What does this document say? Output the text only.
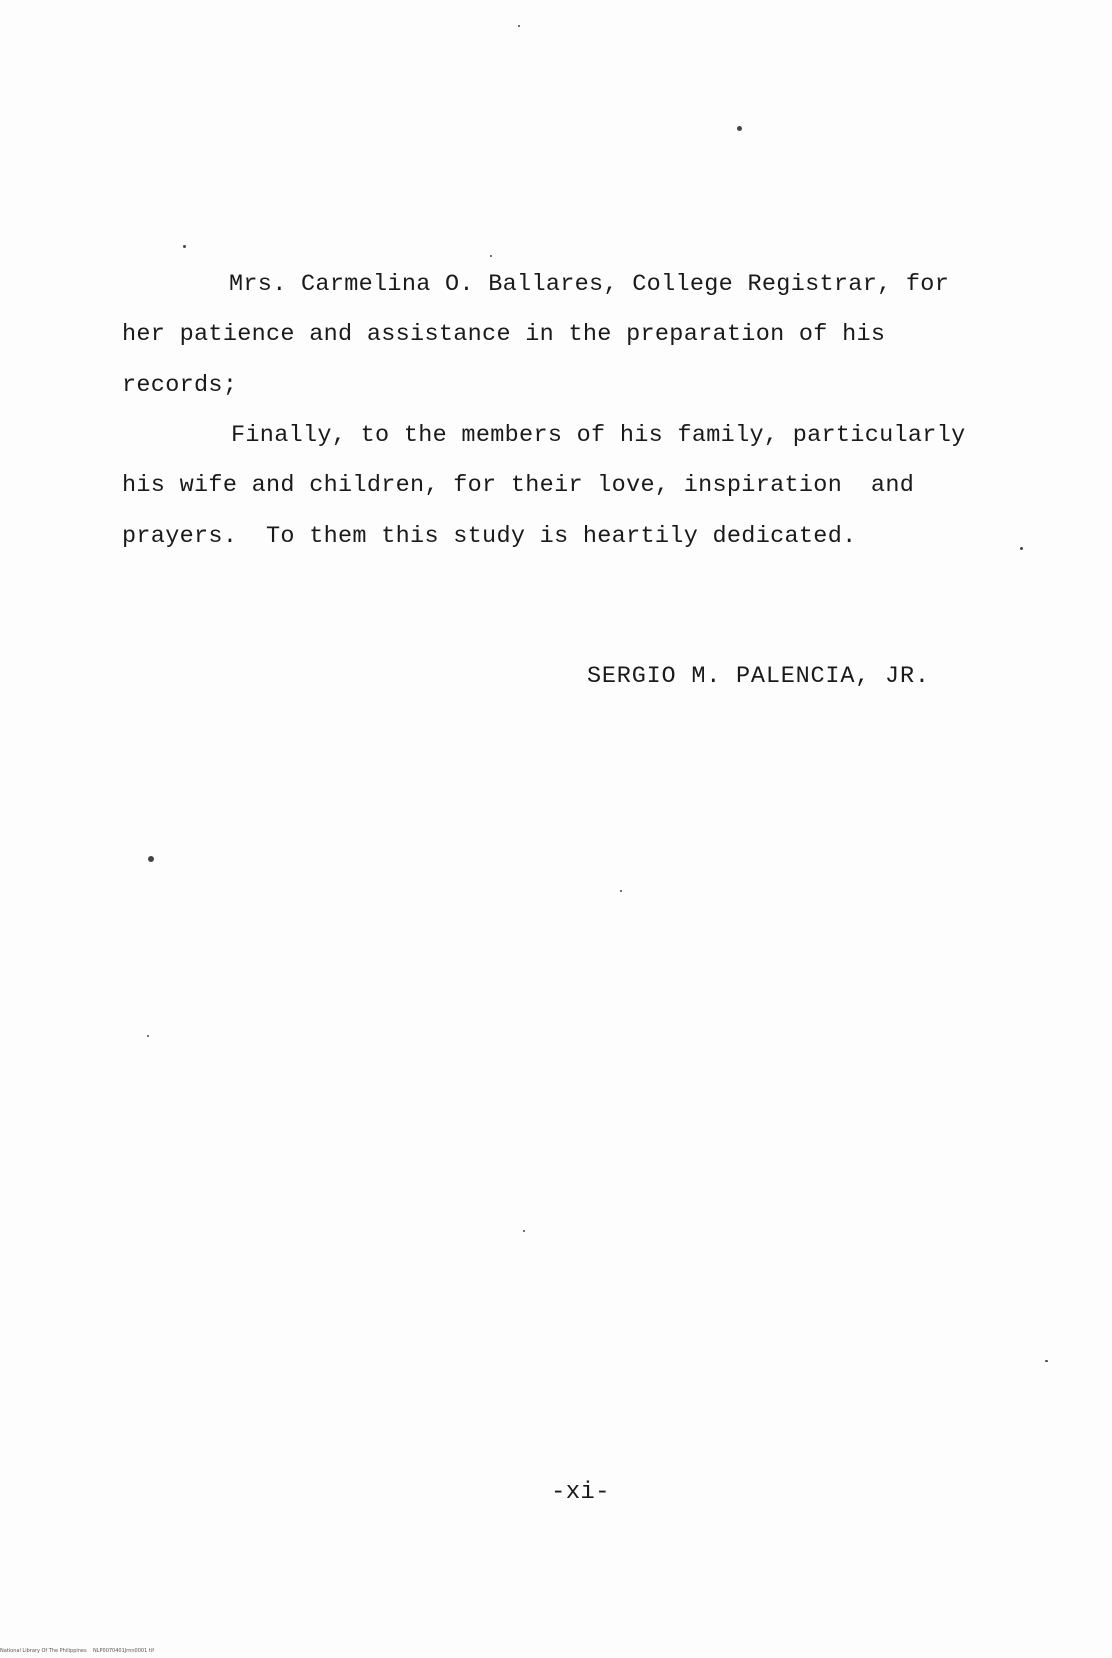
Mrs. Carmelina O. Ballares, College Registrar, for
her patience and assistance in the preparation of his
records;
Finally, to the members of his family, particularly
his wife and children, for their love, inspiration  and
prayers.  To them this study is heartily dedicated.
SERGIO M. PALENCIA, JR.
-xi-
National Library Of The Philippines    NLP0070401Jrnn0001 tif
